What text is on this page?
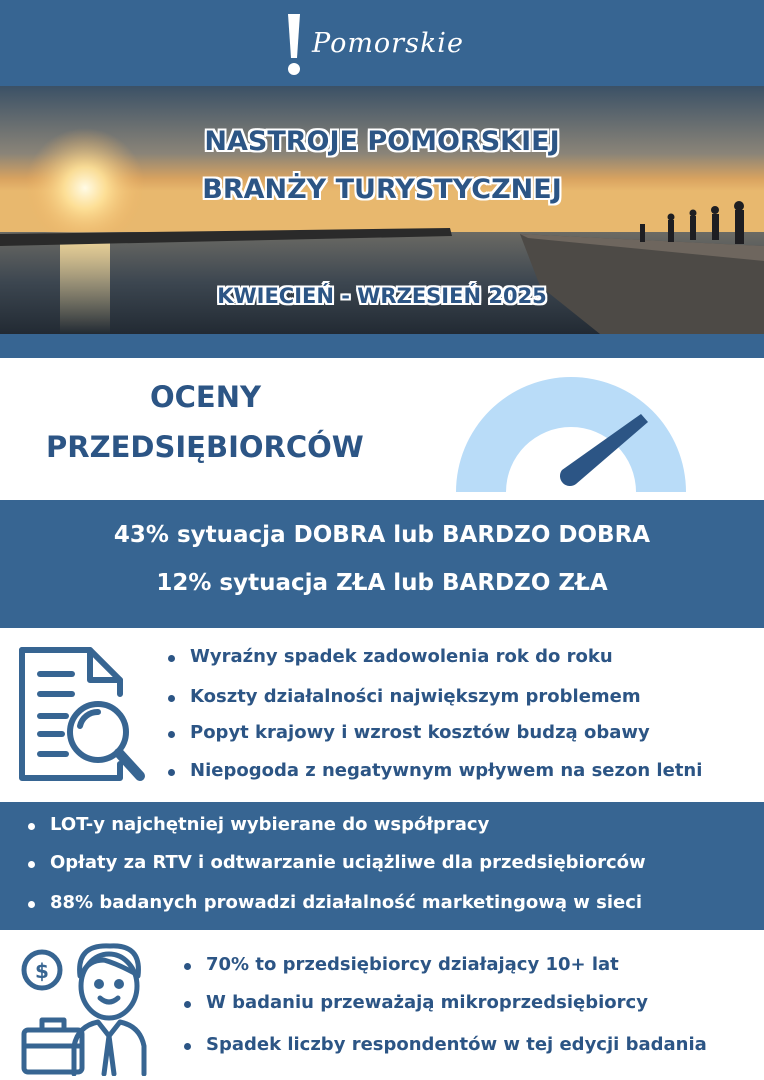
Pomorskie
NASTROJE POMORSKIEJ
BRANŻY TURYSTYCZNEJ
KWIECIEŃ - WRZESIEŃ 2025
OCENY
PRZEDSIĘBIORCÓW
43% sytuacja DOBRA lub BARDZO DOBRA
12% sytuacja ZŁA lub BARDZO ZŁA
Wyraźny spadek zadowolenia rok do roku
Koszty działalności największym problemem
Popyt krajowy i wzrost kosztów budzą obawy
Niepogoda z negatywnym wpływem na sezon letni
LOT-y najchętniej wybierane do współpracy
Opłaty za RTV i odtwarzanie uciążliwe dla przedsiębiorców
88% badanych prowadzi działalność marketingową w sieci
$	70% to przedsiębiorcy działający 10+ lat
W badaniu przeważają mikroprzedsiębiorcy
Spadek liczby respondentów w tej edycji badania
